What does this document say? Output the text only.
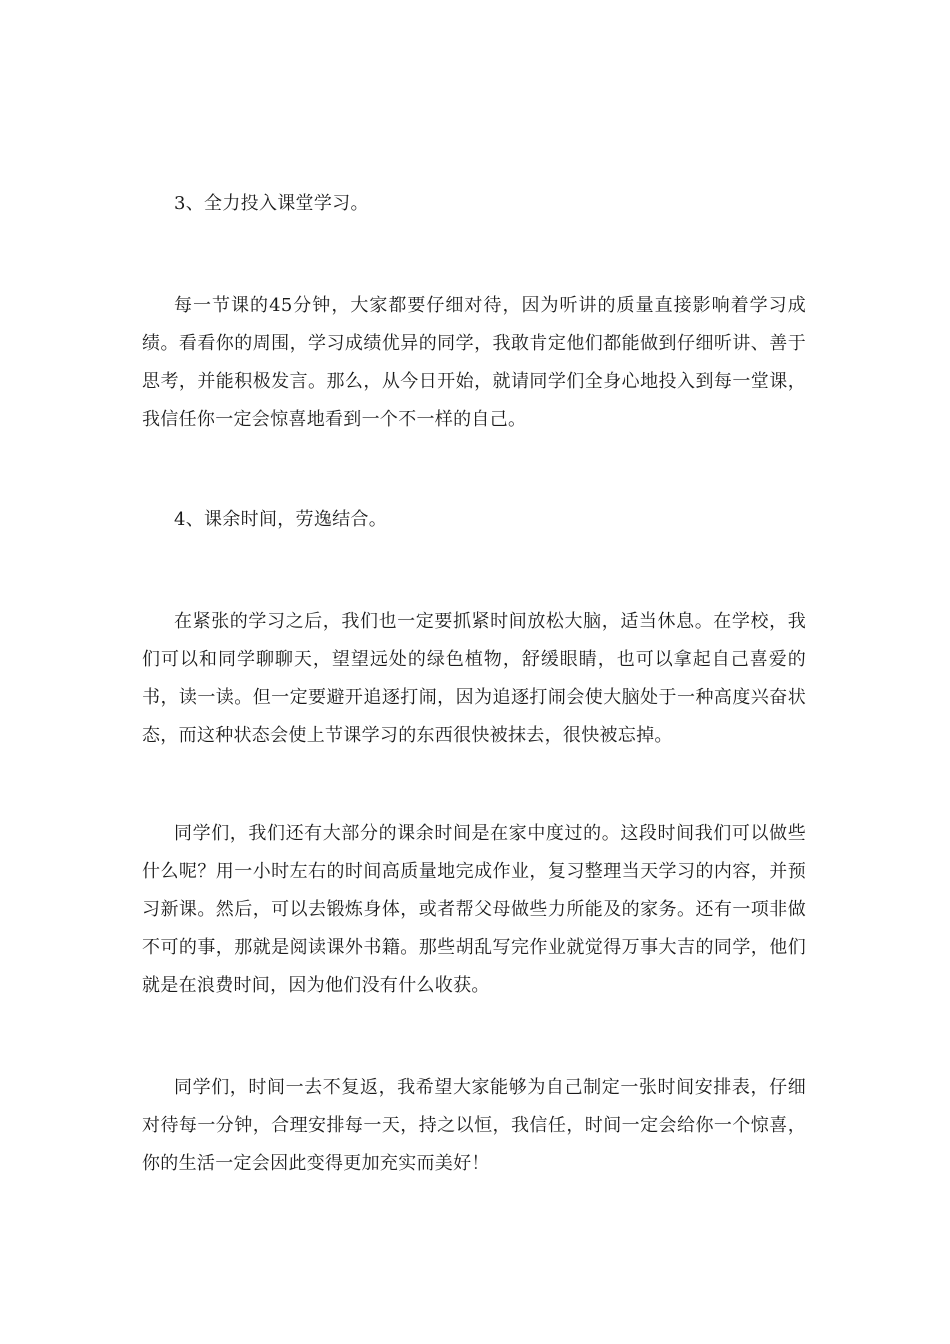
3、全力投入课堂学习。

每一节课的45分钟，大家都要仔细对待，因为听讲的质量直接影响着学习成绩。看看你的周围，学习成绩优异的同学，我敢肯定他们都能做到仔细听讲、善于思考，并能积极发言。那么，从今日开始，就请同学们全身心地投入到每一堂课，我信任你一定会惊喜地看到一个不一样的自己。

4、课余时间，劳逸结合。

在紧张的学习之后，我们也一定要抓紧时间放松大脑，适当休息。在学校，我们可以和同学聊聊天，望望远处的绿色植物，舒缓眼睛，也可以拿起自己喜爱的书，读一读。但一定要避开追逐打闹，因为追逐打闹会使大脑处于一种高度兴奋状态，而这种状态会使上节课学习的东西很快被抹去，很快被忘掉。

同学们，我们还有大部分的课余时间是在家中度过的。这段时间我们可以做些什么呢？用一小时左右的时间高质量地完成作业，复习整理当天学习的内容，并预习新课。然后，可以去锻炼身体，或者帮父母做些力所能及的家务。还有一项非做不可的事，那就是阅读课外书籍。那些胡乱写完作业就觉得万事大吉的同学，他们就是在浪费时间，因为他们没有什么收获。

同学们，时间一去不复返，我希望大家能够为自己制定一张时间安排表，仔细对待每一分钟，合理安排每一天，持之以恒，我信任，时间一定会给你一个惊喜，你的生活一定会因此变得更加充实而美好！
